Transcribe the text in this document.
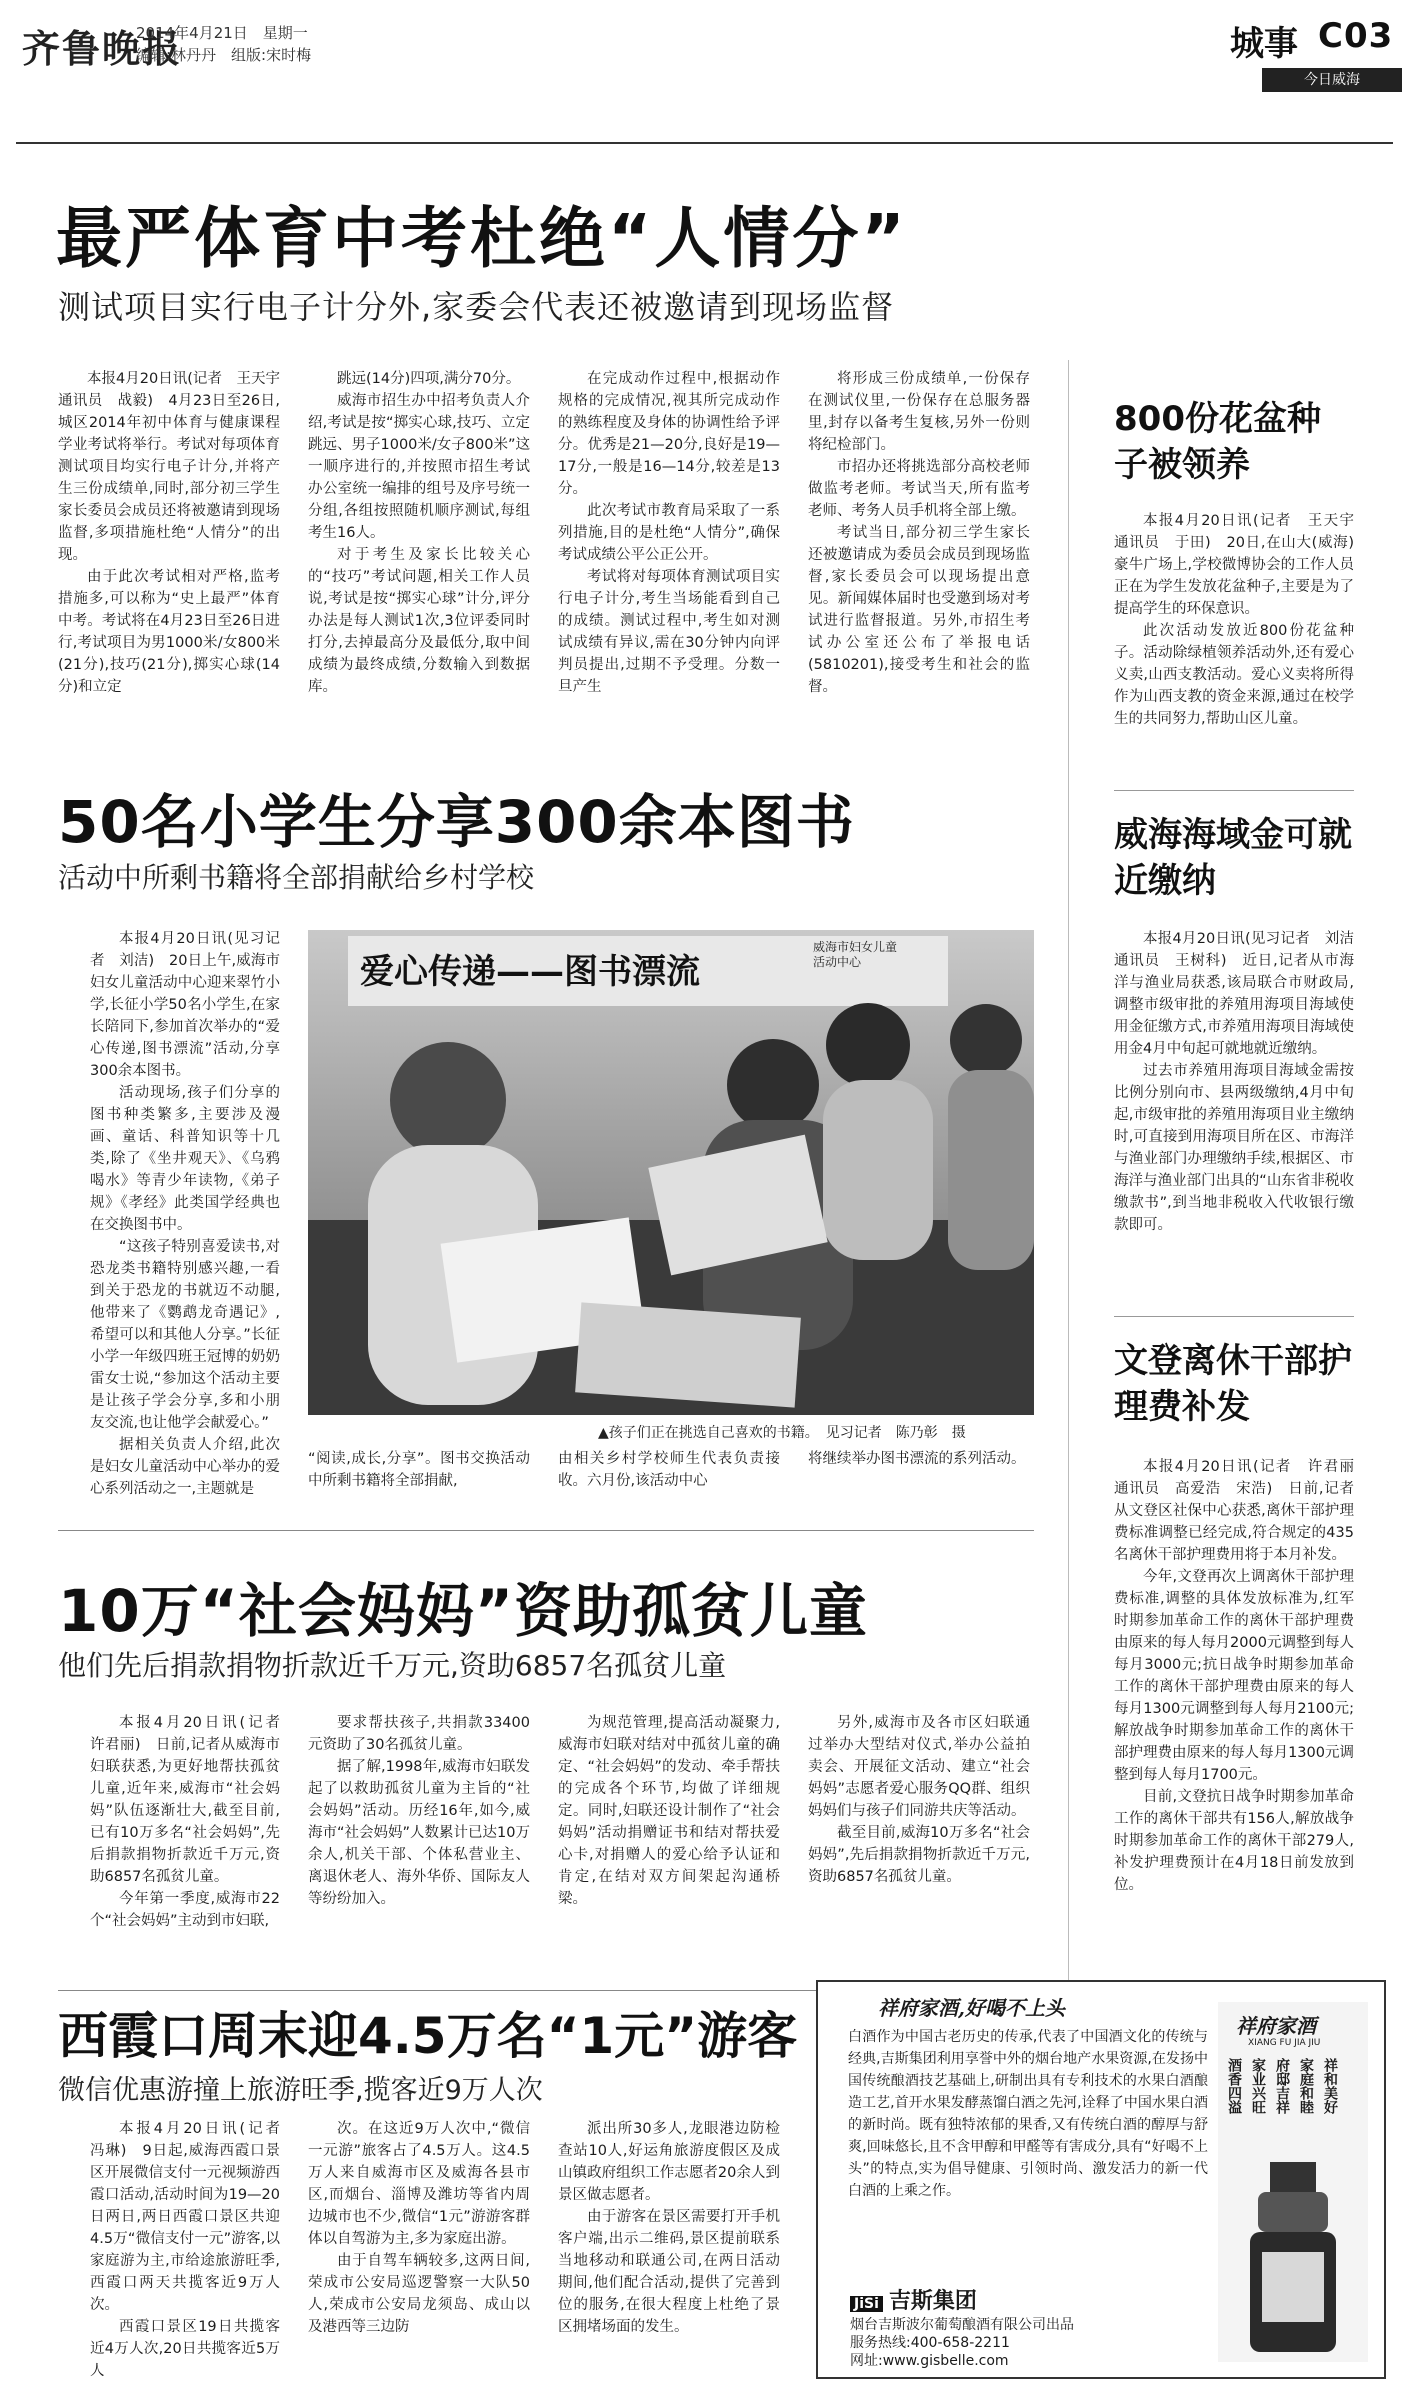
齐鲁晚报
2014年4月21日　星期一
编辑:林丹丹　组版:宋时梅	城事 C03
今日威海
最严体育中考杜绝“人情分”
测试项目实行电子计分外,家委会代表还被邀请到现场监督

本报4月20日讯(记者　王天宇　通讯员　战毅)　4月23日至26日,城区2014年初中体育与健康课程学业考试将举行。考试对每项体育测试项目均实行电子计分,并将产生三份成绩单,同时,部分初三学生家长委员会成员还将被邀请到现场监督,多项措施杜绝“人情分”的出现。

由于此次考试相对严格,监考措施多,可以称为“史上最严”体育中考。考试将在4月23日至26日进行,考试项目为男1000米/女800米(21分),技巧(21分),掷实心球(14分)和立定

跳远(14分)四项,满分70分。

威海市招生办中招考负责人介绍,考试是按“掷实心球,技巧、立定跳远、男子1000米/女子800米”这一顺序进行的,并按照市招生考试办公室统一编排的组号及序号统一分组,各组按照随机顺序测试,每组考生16人。

对于考生及家长比较关心的“技巧”考试问题,相关工作人员说,考试是按“掷实心球”计分,评分办法是每人测试1次,3位评委同时打分,去掉最高分及最低分,取中间成绩为最终成绩,分数输入到数据库。

在完成动作过程中,根据动作规格的完成情况,视其所完成动作的熟练程度及身体的协调性给予评分。优秀是21—20分,良好是19—17分,一般是16—14分,较差是13分。

此次考试市教育局采取了一系列措施,目的是杜绝“人情分”,确保考试成绩公平公正公开。

考试将对每项体育测试项目实行电子计分,考生当场能看到自己的成绩。测试过程中,考生如对测试成绩有异议,需在30分钟内向评判员提出,过期不予受理。分数一旦产生

将形成三份成绩单,一份保存在测试仪里,一份保存在总服务器里,封存以备考生复核,另外一份则将纪检部门。

市招办还将挑选部分高校老师做监考老师。考试当天,所有监考老师、考务人员手机将全部上缴。

考试当日,部分初三学生家长还被邀请成为委员会成员到现场监督,家长委员会可以现场提出意见。新闻媒体届时也受邀到场对考试进行监督报道。另外,市招生考试办公室还公布了举报电话(5810201),接受考生和社会的监督。

800份花盆种子被领养

本报4月20日讯(记者　王天宇　通讯员　于田)　20日,在山大(威海)豪牛广场上,学校微博协会的工作人员正在为学生发放花盆种子,主要是为了提高学生的环保意识。

此次活动发放近800份花盆种子。活动除绿植领养活动外,还有爱心义卖,山西支教活动。爱心义卖将所得作为山西支教的资金来源,通过在校学生的共同努力,帮助山区儿童。

50名小学生分享300余本图书
活动中所剩书籍将全部捐献给乡村学校

本报4月20日讯(见习记者　刘洁)　20日上午,威海市妇女儿童活动中心迎来翠竹小学,长征小学50名小学生,在家长陪同下,参加首次举办的“爱心传递,图书漂流”活动,分享300余本图书。

活动现场,孩子们分享的图书种类繁多,主要涉及漫画、童话、科普知识等十几类,除了《坐井观天》、《乌鸦喝水》等青少年读物,《弟子规》《孝经》此类国学经典也在交换图书中。

“这孩子特别喜爱读书,对恐龙类书籍特别感兴趣,一看到关于恐龙的书就迈不动腿,他带来了《鹦鹉龙奇遇记》,希望可以和其他人分享。”长征小学一年级四班王冠博的奶奶雷女士说,“参加这个活动主要是让孩子学会分享,多和小朋友交流,也让他学会献爱心。”

据相关负责人介绍,此次是妇女儿童活动中心举办的爱心系列活动之一,主题就是

爱心传递——图书漂流
威海市妇女儿童
活动中心
▲孩子们正在挑选自己喜欢的书籍。　见习记者　陈乃彰　摄
“阅读,成长,分享”。图书交换活动中所剩书籍将全部捐献,
由相关乡村学校师生代表负责接收。六月份,该活动中心
将继续举办图书漂流的系列活动。
威海海域金可就近缴纳

本报4月20日讯(见习记者　刘洁　通讯员　王树科)　近日,记者从市海洋与渔业局获悉,该局联合市财政局,调整市级审批的养殖用海项目海域使用金征缴方式,市养殖用海项目海域使用金4月中旬起可就地就近缴纳。

过去市养殖用海项目海域金需按比例分别向市、县两级缴纳,4月中旬起,市级审批的养殖用海项目业主缴纳时,可直接到用海项目所在区、市海洋与渔业部门办理缴纳手续,根据区、市海洋与渔业部门出具的“山东省非税收缴款书”,到当地非税收入代收银行缴款即可。

文登离休干部护理费补发

本报4月20日讯(记者　许君丽　通讯员　高爱浩　宋浩)　日前,记者从文登区社保中心获悉,离休干部护理费标准调整已经完成,符合规定的435名离休干部护理费用将于本月补发。

今年,文登再次上调离休干部护理费标准,调整的具体发放标准为,红军时期参加革命工作的离休干部护理费由原来的每人每月2000元调整到每人每月3000元;抗日战争时期参加革命工作的离休干部护理费由原来的每人每月1300元调整到每人每月2100元;解放战争时期参加革命工作的离休干部护理费由原来的每人每月1300元调整到每人每月1700元。

目前,文登抗日战争时期参加革命工作的离休干部共有156人,解放战争时期参加革命工作的离休干部279人,补发护理费预计在4月18日前发放到位。

10万“社会妈妈”资助孤贫儿童
他们先后捐款捐物折款近千万元,资助6857名孤贫儿童

本报4月20日讯(记者　许君丽)　日前,记者从威海市妇联获悉,为更好地帮扶孤贫儿童,近年来,威海市“社会妈妈”队伍逐渐壮大,截至目前,已有10万多名“社会妈妈”,先后捐款捐物折款近千万元,资助6857名孤贫儿童。

今年第一季度,威海市22个“社会妈妈”主动到市妇联,

要求帮扶孩子,共捐款33400元资助了30名孤贫儿童。

据了解,1998年,威海市妇联发起了以救助孤贫儿童为主旨的“社会妈妈”活动。历经16年,如今,威海市“社会妈妈”人数累计已达10万余人,机关干部、个体私营业主、离退休老人、海外华侨、国际友人等纷纷加入。

为规范管理,提高活动凝聚力,威海市妇联对结对中孤贫儿童的确定、“社会妈妈”的发动、牵手帮扶的完成各个环节,均做了详细规定。同时,妇联还设计制作了“社会妈妈”活动捐赠证书和结对帮扶爱心卡,对捐赠人的爱心给予认证和肯定,在结对双方间架起沟通桥梁。

另外,威海市及各市区妇联通过举办大型结对仪式,举办公益拍卖会、开展征文活动、建立“社会妈妈”志愿者爱心服务QQ群、组织妈妈们与孩子们同游共庆等活动。

截至目前,威海10万多名“社会妈妈”,先后捐款捐物折款近千万元,资助6857名孤贫儿童。

西霞口周末迎4.5万名“1元”游客
微信优惠游撞上旅游旺季,揽客近9万人次

本报4月20日讯(记者　冯琳)　9日起,威海西霞口景区开展微信支付一元视频游西霞口活动,活动时间为19—20日两日,两日西霞口景区共迎4.5万“微信支付一元”游客,以家庭游为主,市给途旅游旺季,西霞口两天共揽客近9万人次。

西霞口景区19日共揽客近4万人次,20日共揽客近5万人

次。在这近9万人次中,“微信一元游”旅客占了4.5万人。这4.5万人来自威海市区及威海各县市区,而烟台、淄博及潍坊等省内周边城市也不少,微信“1元”游游客群体以自驾游为主,多为家庭出游。

由于自驾车辆较多,这两日间,荣成市公安局巡逻警察一大队50人,荣成市公安局龙须岛、成山以及港西等三边防

派出所30多人,龙眼港边防检查站10人,好运角旅游度假区及成山镇政府组织工作志愿者20余人到景区做志愿者。

由于游客在景区需要打开手机客户端,出示二维码,景区提前联系当地移动和联通公司,在两日活动期间,他们配合活动,提供了完善到位的服务,在很大程度上杜绝了景区拥堵场面的发生。

祥府家酒,好喝不上头
白酒作为中国古老历史的传承,代表了中国酒文化的传统与经典,吉斯集团利用享誉中外的烟台地产水果资源,在发扬中国传统酿酒技艺基础上,研制出具有专利技术的水果白酒酿造工艺,首开水果发酵蒸馏白酒之先河,诠释了中国水果白酒的新时尚。既有独特浓郁的果香,又有传统白酒的醇厚与舒爽,回味悠长,且不含甲醇和甲醛等有害成分,具有“好喝不上头”的特点,实为倡导健康、引领时尚、激发活力的新一代白酒的上乘之作。
JiSi 吉斯集团
烟台吉斯波尔葡萄酿酒有限公司出品
服务热线:400-658-2211
网址:www.gisbelle.com
祥府家酒
XIANG FU JIA JIU
祥和美好
家庭和睦
府邸吉祥
家业兴旺
酒香四溢
